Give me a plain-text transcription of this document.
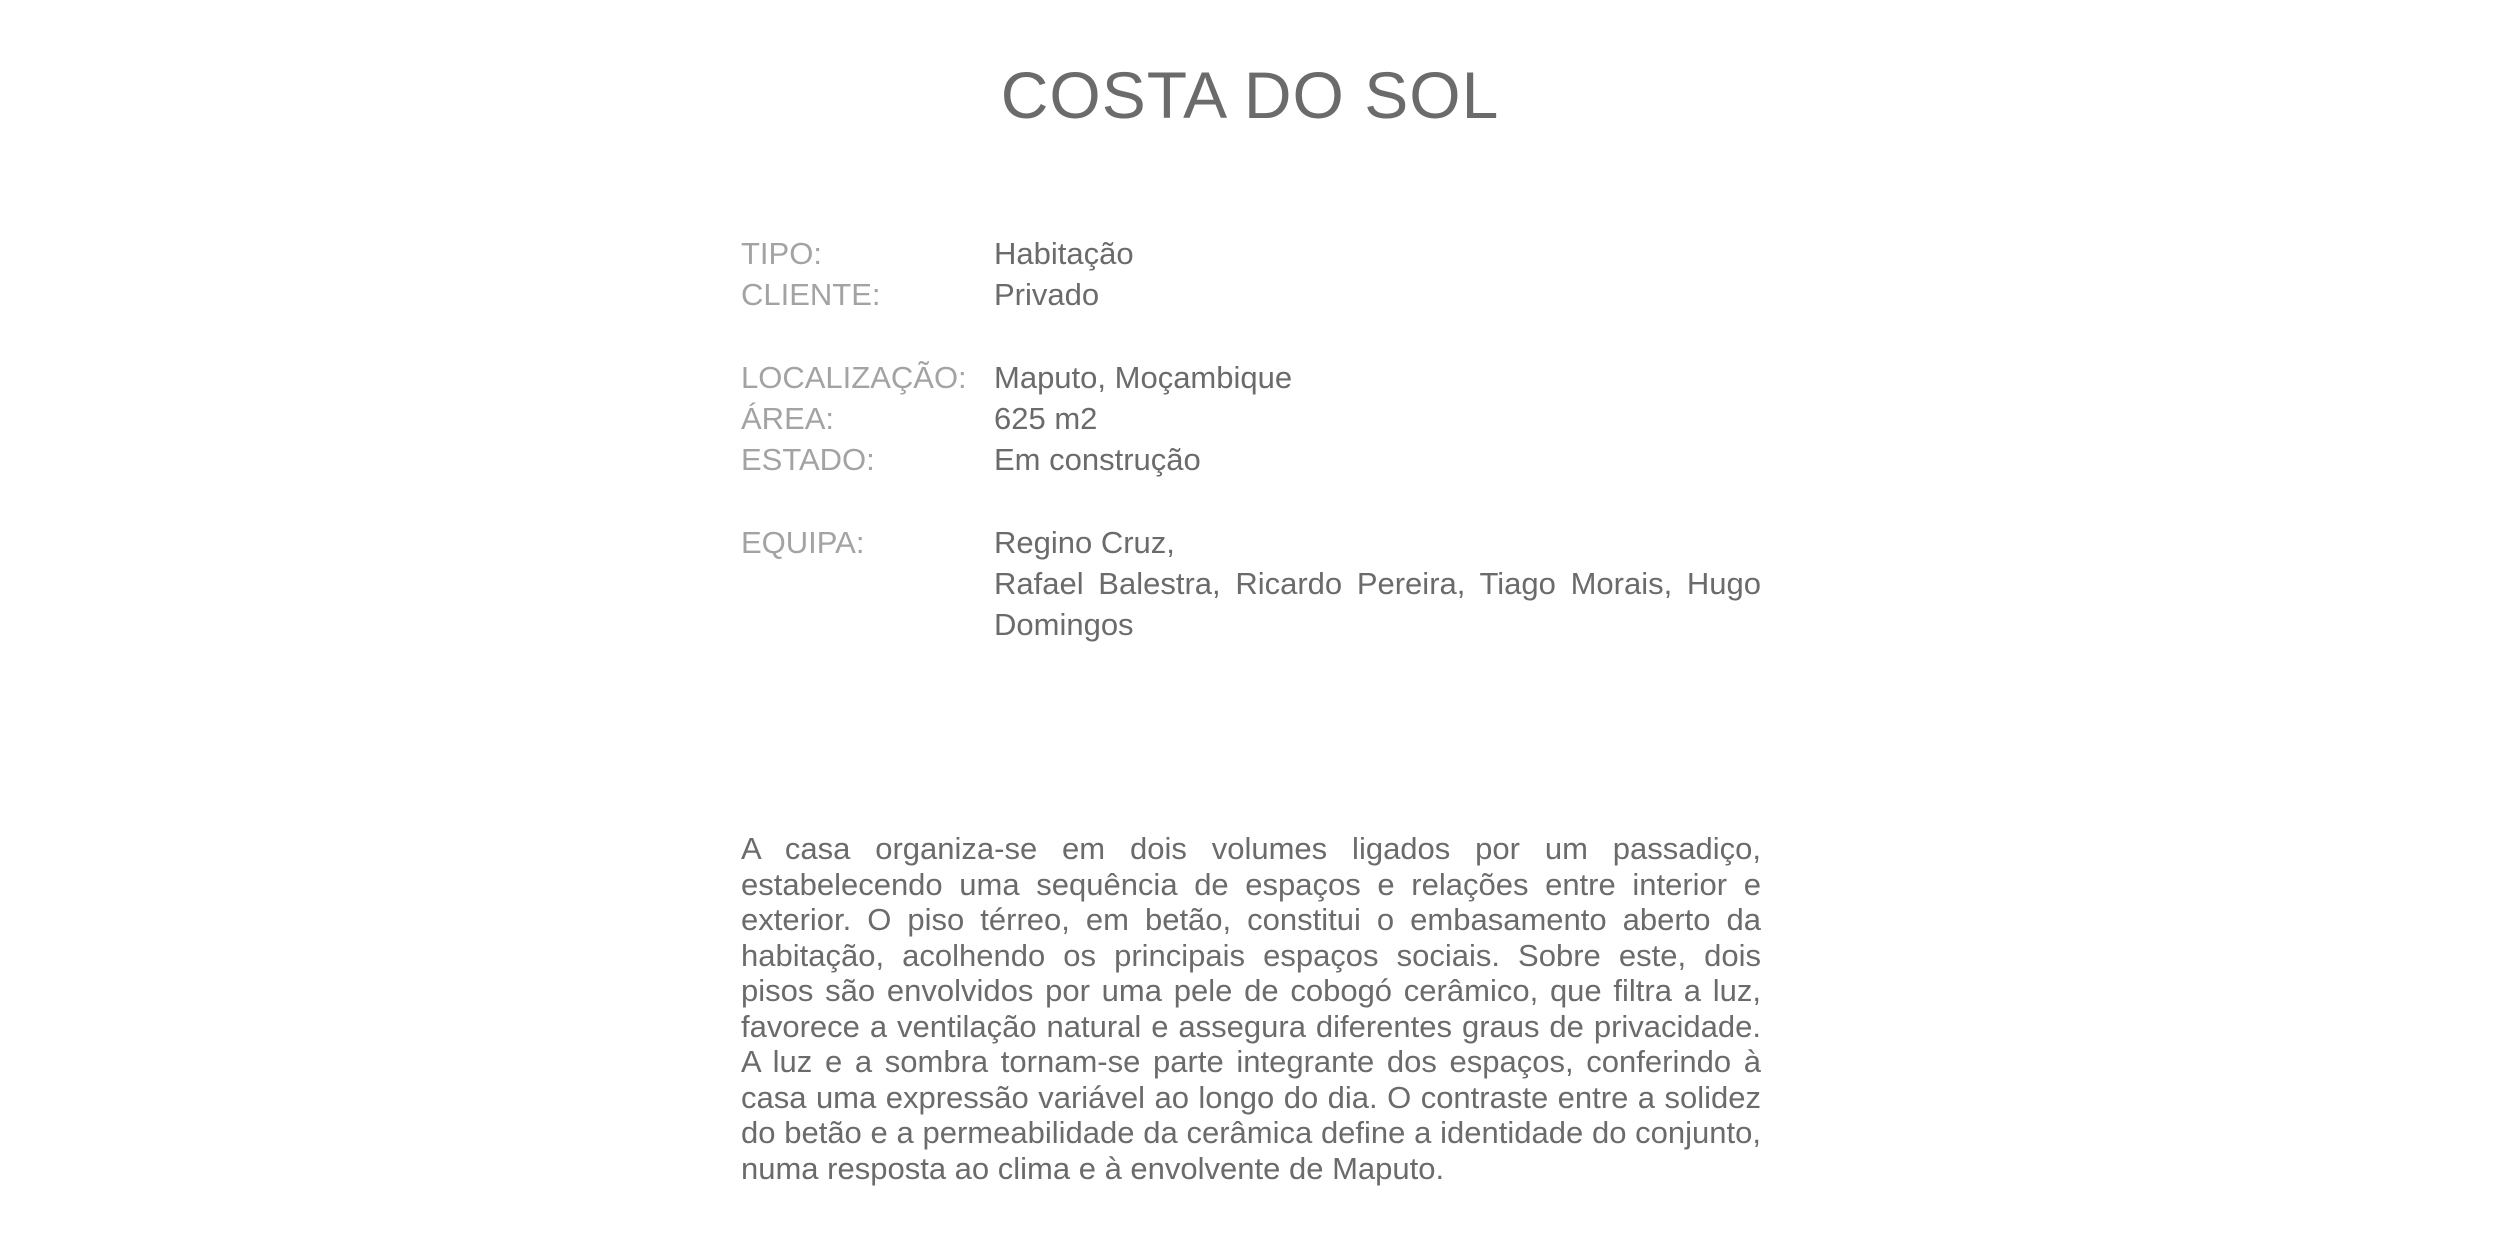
COSTA DO SOL
TIPO:	Habitação
CLIENTE:	Privado
LOCALIZAÇÃO: Maputo, Moçambique
ÁREA:	625 m2
ESTADO:	Em construção
EQUIPA:	Regino Cruz,
Rafael Balestra, Ricardo Pereira, Tiago Morais, Hugo Domingos

A casa organiza-se em dois volumes ligados por um passadiço, estabelecendo uma sequência de espaços e relações entre interior e exterior. O piso térreo, em betão, constitui o embasamento aberto da habitação, acolhendo os principais espaços sociais. Sobre este, dois pisos são envolvidos por uma pele de cobogó cerâmico, que filtra a luz, favorece a ventilação natural e assegura diferentes graus de privacidade. A luz e a sombra tornam-se parte integrante dos espaços, conferindo à casa uma expressão variável ao longo do dia. O contraste entre a solidez do betão e a permeabilidade da cerâmica define a identidade do conjunto, numa resposta ao clima e à envolvente de Maputo.
